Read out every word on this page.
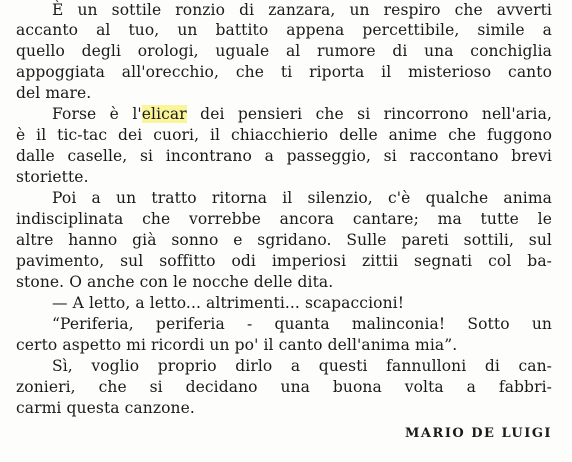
È un sottile ronzio di zanzara, un respiro che avverti
accanto al tuo, un battito appena percettibile, simile a
quello degli orologi, uguale al rumore di una conchiglia
appoggiata all'orecchio, che ti riporta il misterioso canto
del mare.
Forse è l'elicar dei pensieri che si rincorrono nell'aria,
è il tic-tac dei cuori, il chiacchierio delle anime che fuggono
dalle caselle, si incontrano a passeggio, si raccontano brevi
storiette.
Poi a un tratto ritorna il silenzio, c'è qualche anima
indisciplinata che vorrebbe ancora cantare; ma tutte le
altre hanno già sonno e sgridano. Sulle pareti sottili, sul
pavimento, sul soffitto odi imperiosi zittii segnati col ba-
stone. O anche con le nocche delle dita.
— A letto, a letto... altrimenti... scapaccioni!
“Periferia, periferia - quanta malinconia! Sotto un
certo aspetto mi ricordi un po' il canto dell'anima mia”.
Sì, voglio proprio dirlo a questi fannulloni di can-
zonieri, che si decidano una buona volta a fabbri-
carmi questa canzone.
MARIO DE LUIGI
